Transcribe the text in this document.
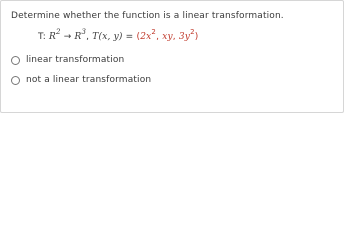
Determine whether the function is a linear transformation.
T: $R^2 \to R^3$, T(x, $y) = (2x^2$, xy, $3y^2$)
linear transformation
not a linear transformation
